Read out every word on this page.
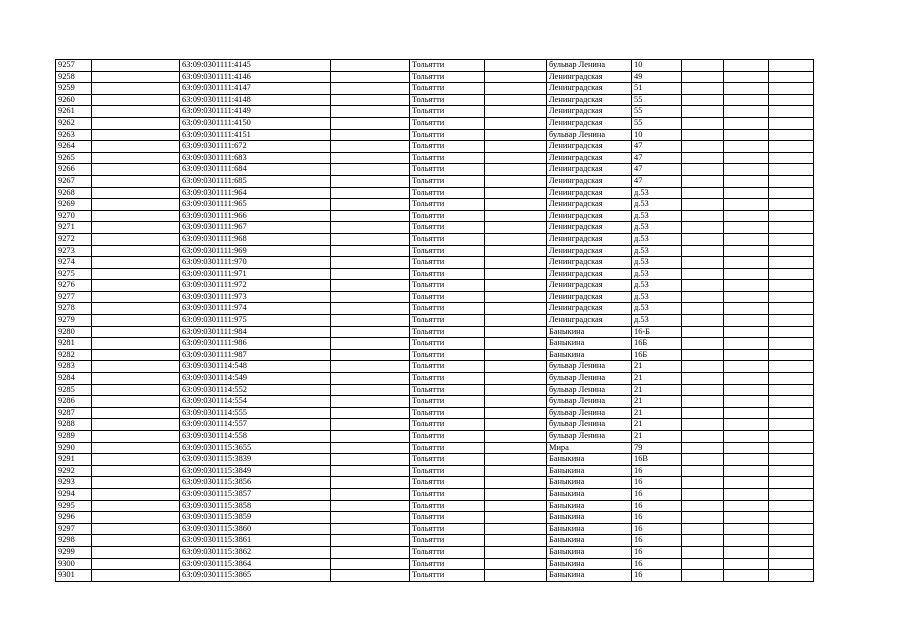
9257		63:09:0301111:4145		Тольятти		бульвар Ленина	10			
9258		63:09:0301111:4146		Тольятти		Ленинградская	49			
9259		63:09:0301111:4147		Тольятти		Ленинградская	51			
9260		63:09:0301111:4148		Тольятти		Ленинградская	55			
9261		63:09:0301111:4149		Тольятти		Ленинградская	55			
9262		63:09:0301111:4150		Тольятти		Ленинградская	55			
9263		63:09:0301111:4151		Тольятти		бульвар Ленина	10			
9264		63:09:0301111:672		Тольятти		Ленинградская	47			
9265		63:09:0301111:683		Тольятти		Ленинградская	47			
9266		63:09:0301111:684		Тольятти		Ленинградская	47			
9267		63:09:0301111:685		Тольятти		Ленинградская	47			
9268		63:09:0301111:964		Тольятти		Ленинградская	д.53			
9269		63:09:0301111:965		Тольятти		Ленинградская	д.53			
9270		63:09:0301111:966		Тольятти		Ленинградская	д.53			
9271		63:09:0301111:967		Тольятти		Ленинградская	д.53			
9272		63:09:0301111:968		Тольятти		Ленинградская	д.53			
9273		63:09:0301111:969		Тольятти		Ленинградская	д.53			
9274		63:09:0301111:970		Тольятти		Ленинградская	д.53			
9275		63:09:0301111:971		Тольятти		Ленинградская	д.53			
9276		63:09:0301111:972		Тольятти		Ленинградская	д.53			
9277		63:09:0301111:973		Тольятти		Ленинградская	д.53			
9278		63:09:0301111:974		Тольятти		Ленинградская	д.53			
9279		63:09:0301111:975		Тольятти		Ленинградская	д.53			
9280		63:09:0301111:984		Тольятти		Баныкина	16-Б			
9281		63:09:0301111:986		Тольятти		Баныкина	16Б			
9282		63:09:0301111:987		Тольятти		Баныкина	16Б			
9283		63:09:0301114:548		Тольятти		бульвар Ленина	21			
9284		63:09:0301114:549		Тольятти		бульвар Ленина	21			
9285		63:09:0301114:552		Тольятти		бульвар Ленина	21			
9286		63:09:0301114:554		Тольятти		бульвар Ленина	21			
9287		63:09:0301114:555		Тольятти		бульвар Ленина	21			
9288		63:09:0301114:557		Тольятти		бульвар Ленина	21			
9289		63:09:0301114:558		Тольятти		бульвар Ленина	21			
9290		63:09:0301115:3655		Тольятти		Мира	79			
9291		63:09:0301115:3839		Тольятти		Баныкина	16В			
9292		63:09:0301115:3849		Тольятти		Баныкина	16			
9293		63:09:0301115:3856		Тольятти		Баныкина	16			
9294		63:09:0301115:3857		Тольятти		Баныкина	16			
9295		63:09:0301115:3858		Тольятти		Баныкина	16			
9296		63:09:0301115:3859		Тольятти		Баныкина	16			
9297		63:09:0301115:3860		Тольятти		Баныкина	16			
9298		63:09:0301115:3861		Тольятти		Баныкина	16			
9299		63:09:0301115:3862		Тольятти		Баныкина	16			
9300		63:09:0301115:3864		Тольятти		Баныкина	16			
9301		63:09:0301115:3865		Тольятти		Баныкина	16			
